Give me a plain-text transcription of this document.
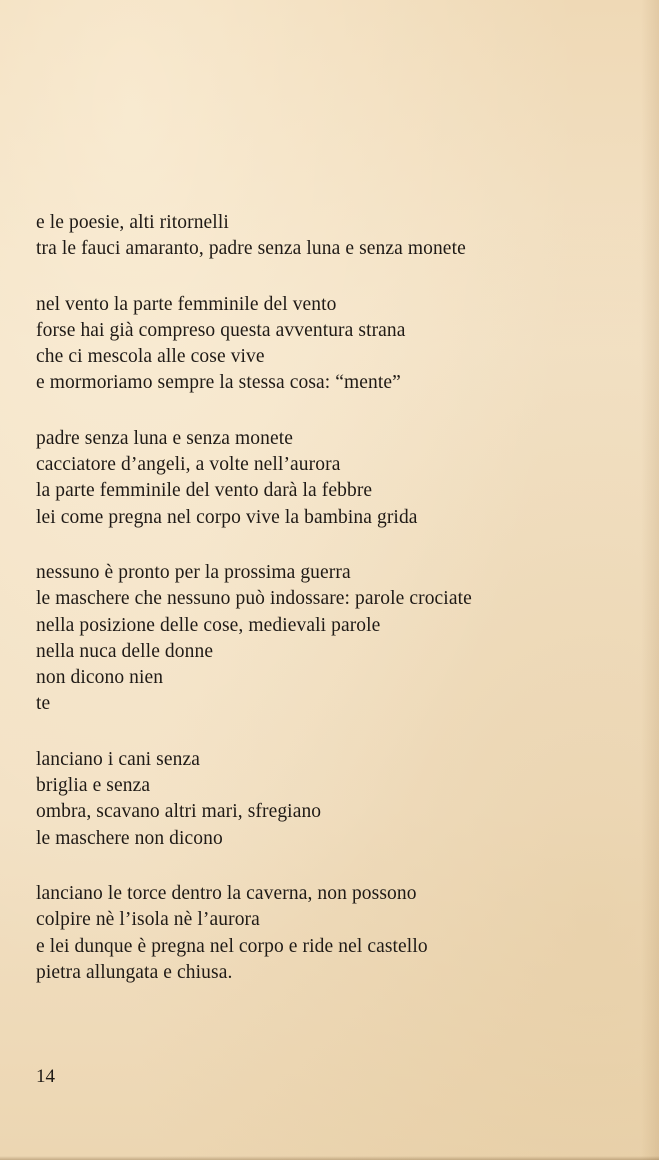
e le poesie, alti ritornelli
tra le fauci amaranto, padre senza luna e senza monete
nel vento la parte femminile del vento
forse hai già compreso questa avventura strana
che ci mescola alle cose vive
e mormoriamo sempre la stessa cosa: “mente”
padre senza luna e senza monete
cacciatore d’angeli, a volte nell’aurora
la parte femminile del vento darà la febbre
lei come pregna nel corpo vive la bambina grida
nessuno è pronto per la prossima guerra
le maschere che nessuno può indossare: parole crociate
nella posizione delle cose, medievali parole
nella nuca delle donne
non dicono nien
te
lanciano i cani senza
briglia e senza
ombra, scavano altri mari, sfregiano
le maschere non dicono
lanciano le torce dentro la caverna, non possono
colpire nè l’isola nè l’aurora
e lei dunque è pregna nel corpo e ride nel castello
pietra allungata e chiusa.
14
